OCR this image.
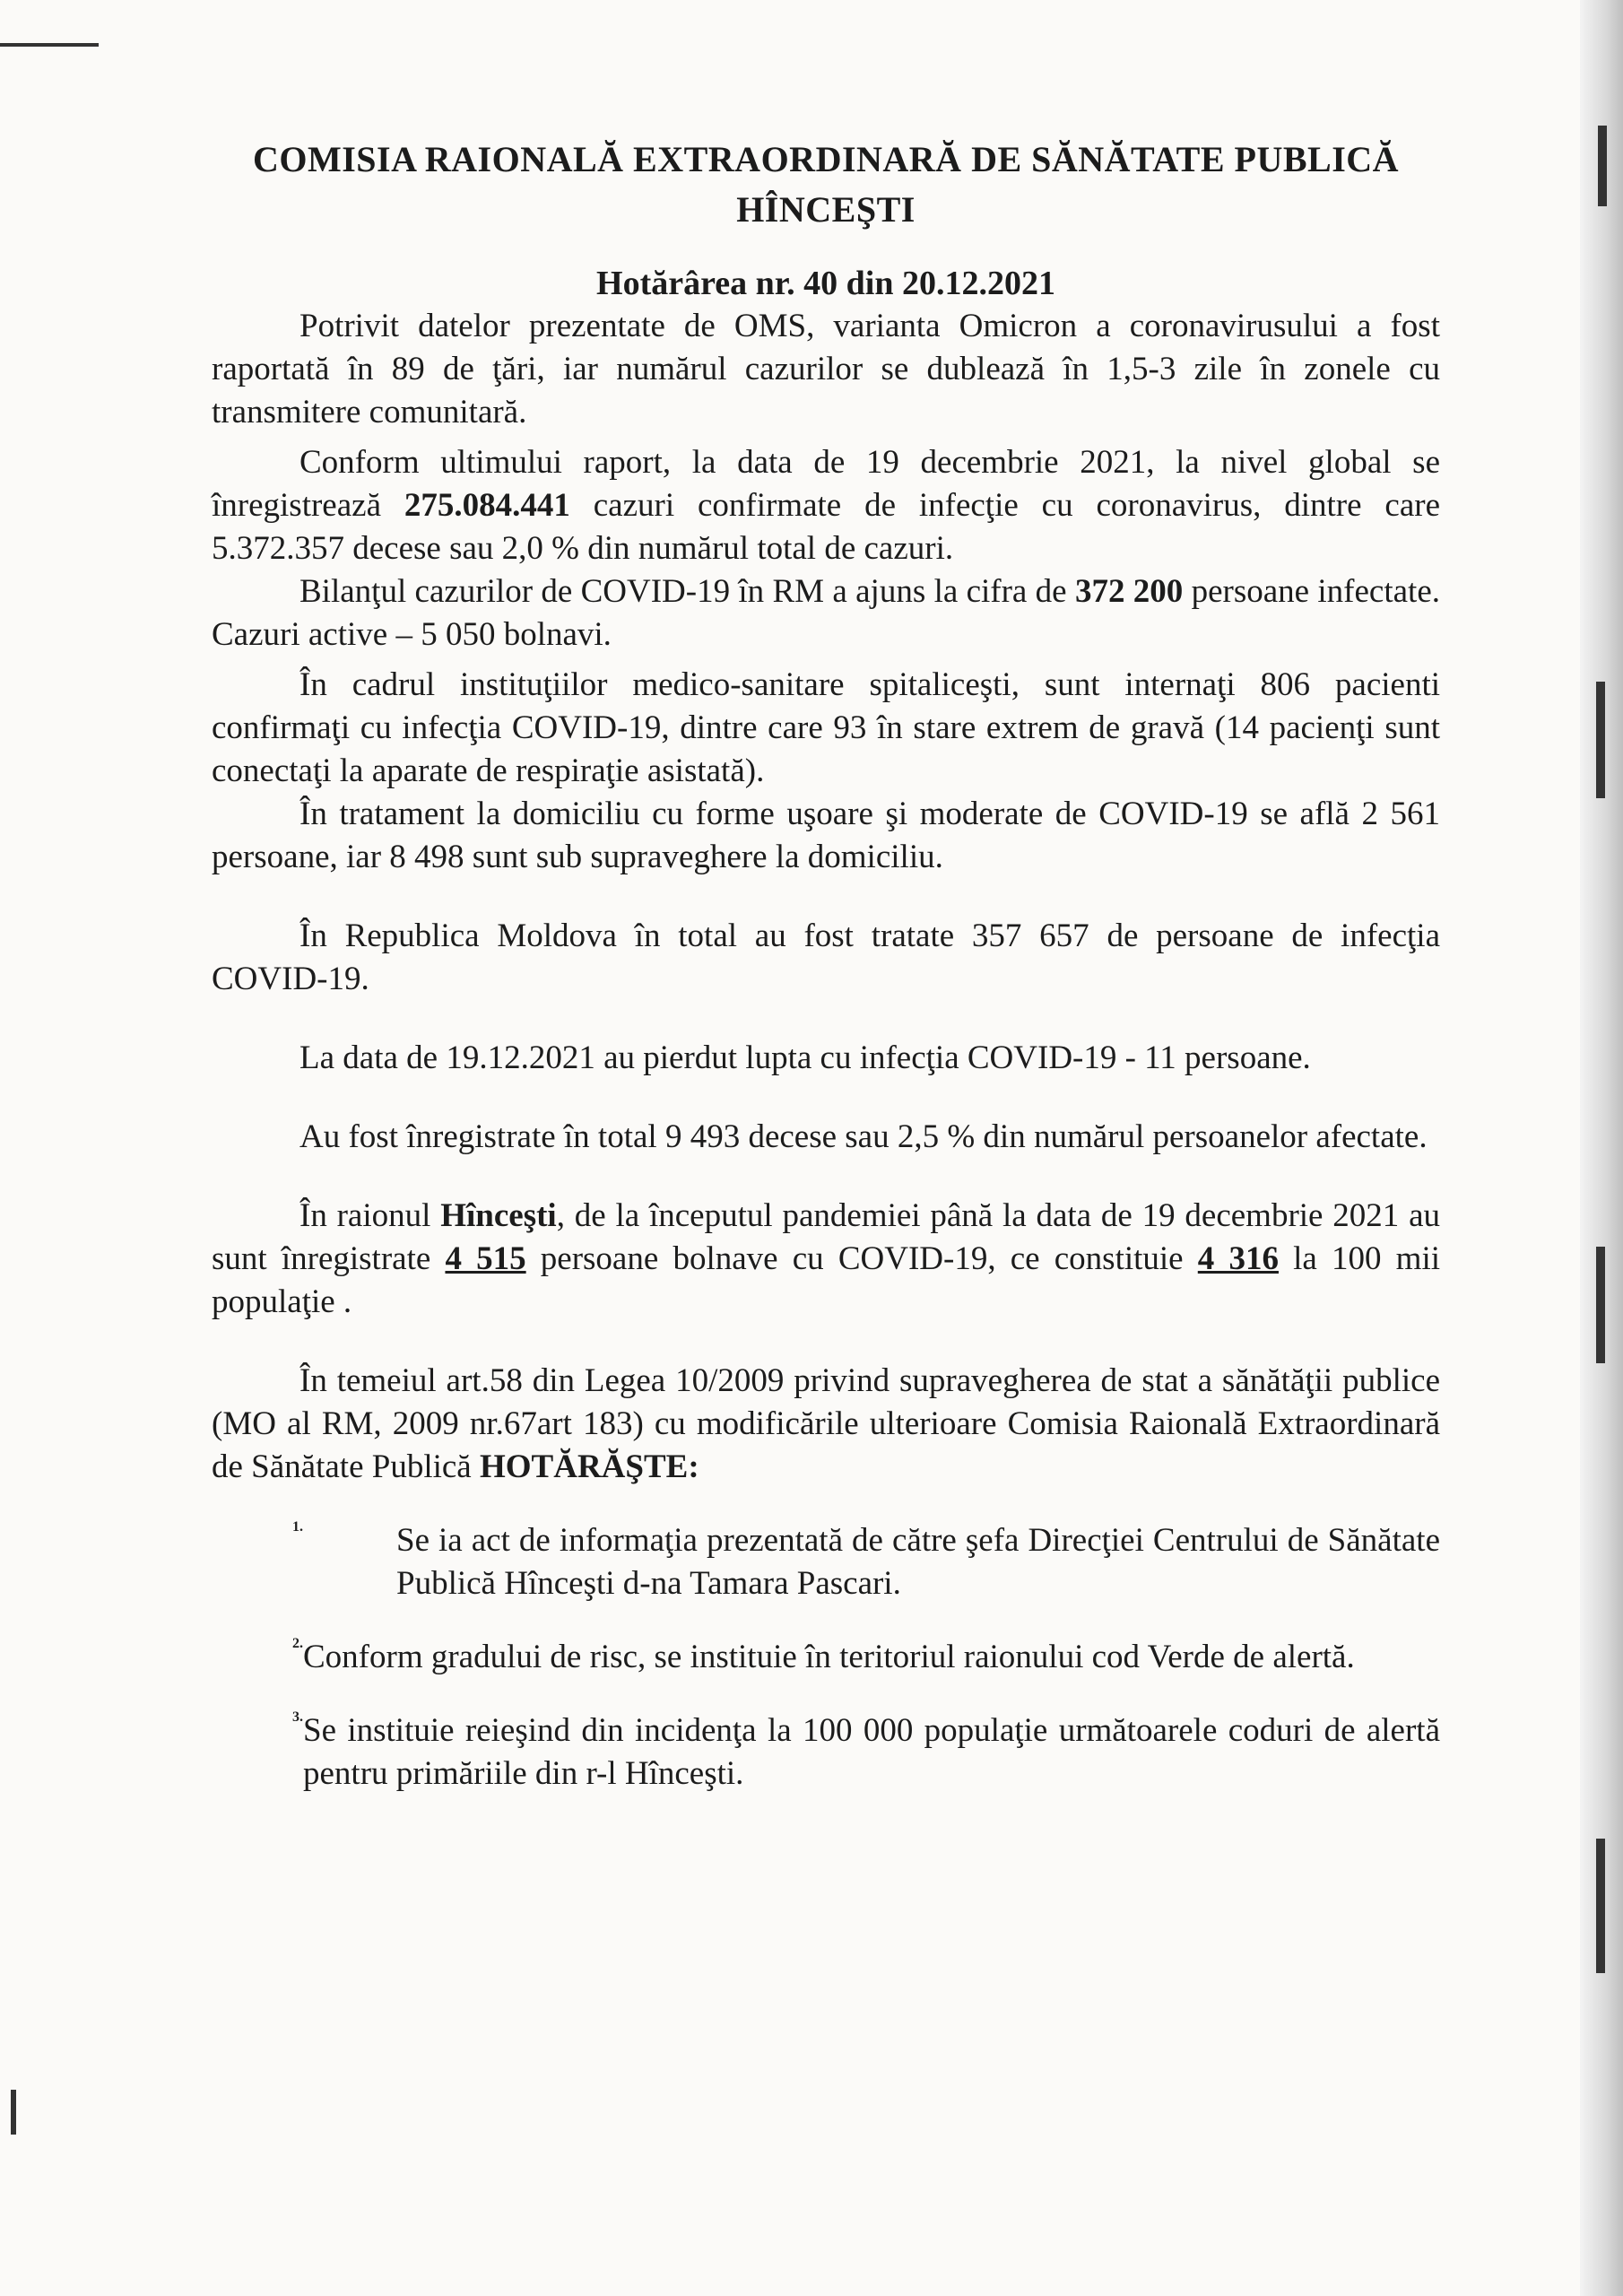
COMISIA RAIONALĂ EXTRAORDINARĂ DE SĂNĂTATE PUBLICĂ
HÎNCEŞTI
Hotărârea nr. 40 din 20.12.2021

Potrivit datelor prezentate de OMS, varianta Omicron a coronavirusului a fost raportată în 89 de ţări, iar numărul cazurilor se dublează în 1,5-3 zile în zonele cu transmitere comunitară.

Conform ultimului raport, la data de 19 decembrie 2021, la nivel global se înregistrează 275.084.441 cazuri confirmate de infecţie cu coronavirus, dintre care 5.372.357 decese sau 2,0 % din numărul total de cazuri.

Bilanţul cazurilor de COVID-19 în RM a ajuns la cifra de 372 200 persoane infectate. Cazuri active – 5 050 bolnavi.

În cadrul instituţiilor medico-sanitare spitaliceşti, sunt internaţi 806 pacienti confirmaţi cu infecţia COVID-19, dintre care 93 în stare extrem de gravă (14 pacienţi sunt conectaţi la aparate de respiraţie asistată).

În tratament la domiciliu cu forme uşoare şi moderate de COVID-19 se află 2 561 persoane, iar 8 498 sunt sub supraveghere la domiciliu.

În Republica Moldova în total au fost tratate 357 657 de persoane de infecţia COVID-19.

La data de 19.12.2021 au pierdut lupta cu infecţia COVID-19 - 11 persoane.

Au fost înregistrate în total 9 493 decese sau 2,5 % din numărul persoanelor afectate.

În raionul Hînceşti, de la începutul pandemiei până la data de 19 decembrie 2021 au sunt înregistrate 4 515 persoane bolnave cu COVID-19, ce constituie 4 316 la 100 mii populaţie .

În temeiul art.58 din Legea 10/2009 privind supravegherea de stat a sănătăţii publice (MO al RM, 2009 nr.67art 183) cu modificările ulterioare Comisia Raională Extraordinară de Sănătate Publică HOTĂRĂŞTE:

1.	Se ia act de informaţia prezentată de către şefa Direcţiei Centrului de Sănătate Publică Hînceşti d-na Tamara Pascari.

2. Conform gradului de risc, se instituie în teritoriul raionului cod Verde de alertă.

3. Se instituie reieşind din incidenţa la 100 000 populaţie următoarele coduri de alertă pentru primăriile din r-l Hînceşti.
